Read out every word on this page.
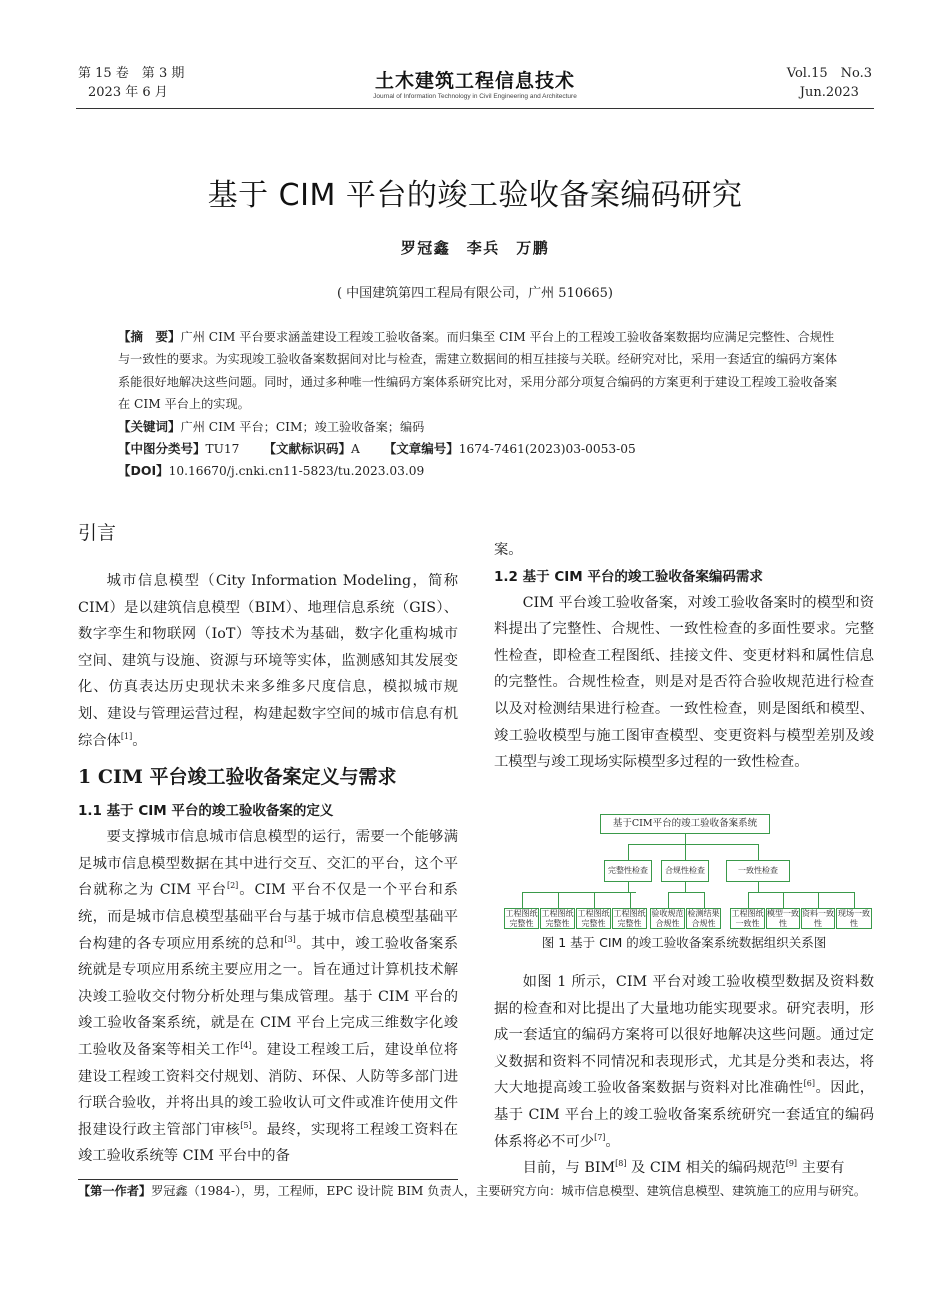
第 15 卷　第 3 期
2023 年 6 月
土木建筑工程信息技术
Journal of Information Technology in Civil Engineering and Architecture
Vol.15　No.3
Jun.2023
基于 CIM 平台的竣工验收备案编码研究
罗冠鑫　李兵　万鹏
( 中国建筑第四工程局有限公司，广州 510665)
【摘　要】广州 CIM 平台要求涵盖建设工程竣工验收备案。而归集至 CIM 平台上的工程竣工验收备案数据均应满足完整性、合规性与一致性的要求。为实现竣工验收备案数据间对比与检查，需建立数据间的相互挂接与关联。经研究对比，采用一套适宜的编码方案体系能很好地解决这些问题。同时，通过多种唯一性编码方案体系研究比对，采用分部分项复合编码的方案更利于建设工程竣工验收备案在 CIM 平台上的实现。
【关键词】广州 CIM 平台；CIM；竣工验收备案；编码
【中图分类号】TU17 【文献标识码】A 【文章编号】1674-7461(2023)03-0053-05
【DOI】10.16670/j.cnki.cn11-5823/tu.2023.03.09
引言

城市信息模型（City Information Modeling，简称 CIM）是以建筑信息模型（BIM）、地理信息系统（GIS）、数字孪生和物联网（IoT）等技术为基础，数字化重构城市空间、建筑与设施、资源与环境等实体，监测感知其发展变化、仿真表达历史现状未来多维多尺度信息，模拟城市规划、建设与管理运营过程，构建起数字空间的城市信息有机综合体[1]。

1 CIM 平台竣工验收备案定义与需求
1.1 基于 CIM 平台的竣工验收备案的定义

要支撑城市信息城市信息模型的运行，需要一个能够满足城市信息模型数据在其中进行交互、交汇的平台，这个平台就称之为 CIM 平台[2]。CIM 平台不仅是一个平台和系统，而是城市信息模型基础平台与基于城市信息模型基础平台构建的各专项应用系统的总和[3]。其中，竣工验收备案系统就是专项应用系统主要应用之一。旨在通过计算机技术解决竣工验收交付物分析处理与集成管理。基于 CIM 平台的竣工验收备案系统，就是在 CIM 平台上完成三维数字化竣工验收及备案等相关工作[4]。建设工程竣工后，建设单位将建设工程竣工资料交付规划、消防、环保、人防等多部门进行联合验收，并将出具的竣工验收认可文件或准许使用文件报建设行政主管部门审核[5]。最终，实现将工程竣工资料在竣工验收系统等 CIM 平台中的备

案。

1.2 基于 CIM 平台的竣工验收备案编码需求

CIM 平台竣工验收备案，对竣工验收备案时的模型和资料提出了完整性、合规性、一致性检查的多面性要求。完整性检查，即检查工程图纸、挂接文件、变更材料和属性信息的完整性。合规性检查，则是对是否符合验收规范进行检查以及对检测结果进行检查。一致性检查，则是图纸和模型、竣工验收模型与施工图审查模型、变更资料与模型差别及竣工模型与竣工现场实际模型多过程的一致性检查。

基于CIM平台的竣工验收备案系统
完整性检查	合规性检查	一致性检查
工程图纸
完整性
工程图纸
完整性
工程图纸
完整性
工程图纸
完整性
验收规范
合规性
检测结果
合规性
工程图纸
一致性
模型一致
性
资料一致
性
现场一致
性
图 1 基于 CIM 的竣工验收备案系统数据组织关系图

如图 1 所示，CIM 平台对竣工验收模型数据及资料数据的检查和对比提出了大量地功能实现要求。研究表明，形成一套适宜的编码方案将可以很好地解决这些问题。通过定义数据和资料不同情况和表现形式，尤其是分类和表达，将大大地提高竣工验收备案数据与资料对比准确性[6]。因此，基于 CIM 平台上的竣工验收备案系统研究一套适宜的编码体系将必不可少[7]。

目前，与 BIM[8] 及 CIM 相关的编码规范[9] 主要有

【第一作者】罗冠鑫（1984-），男，工程师，EPC 设计院 BIM 负责人，主要研究方向：城市信息模型、建筑信息模型、建筑施工的应用与研究。
